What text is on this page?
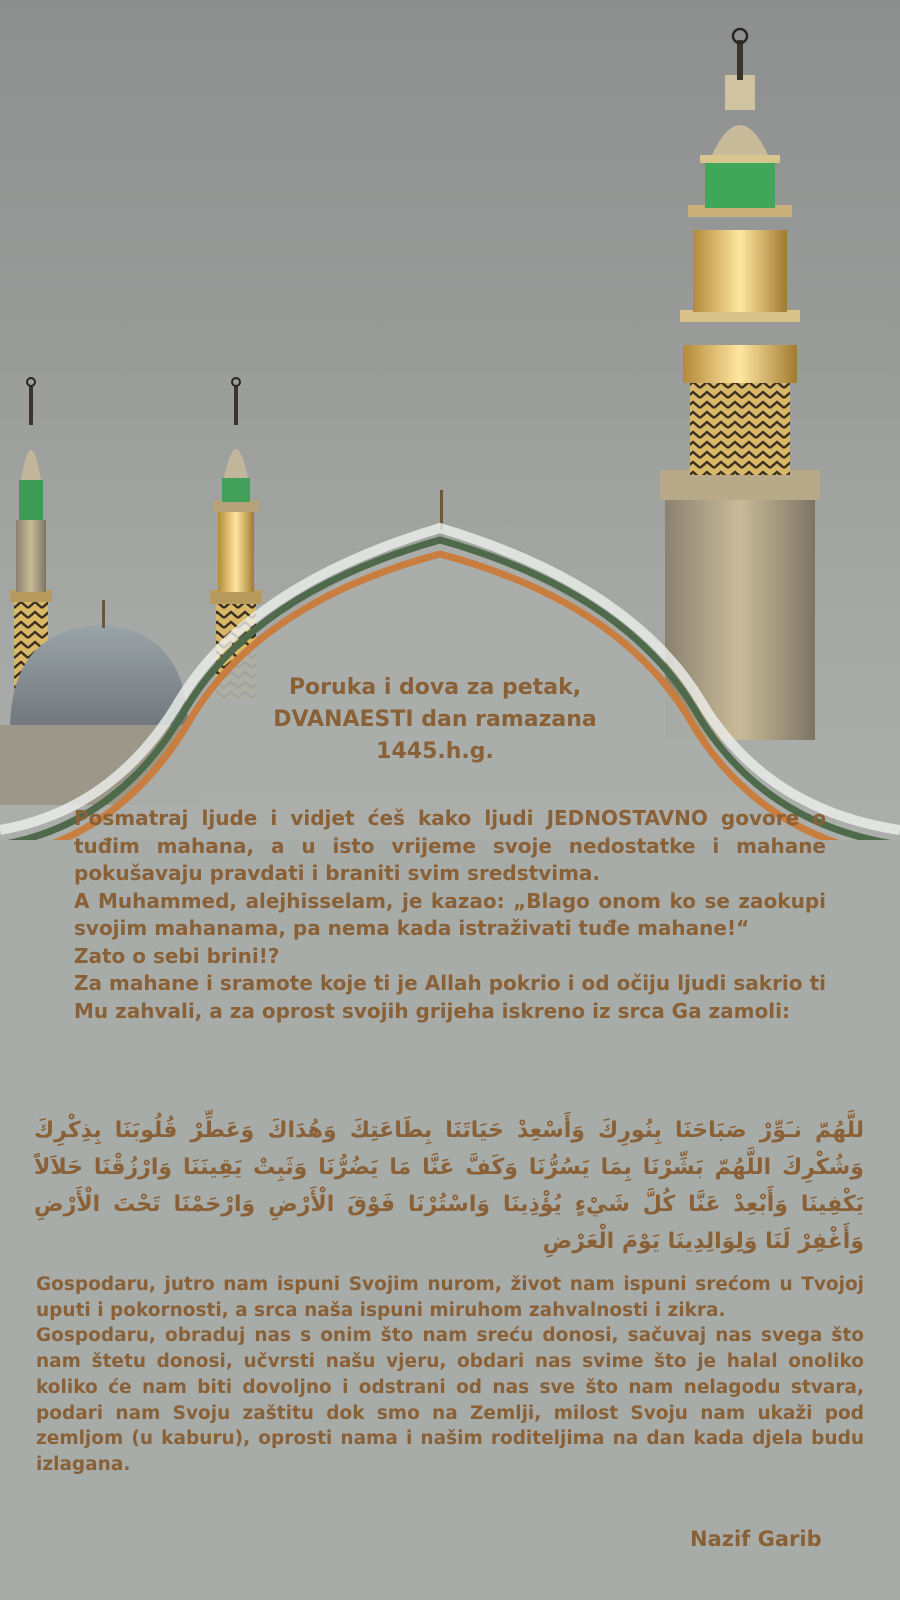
Poruka i dova za petak,
DVANAESTI dan ramazana
1445.h.g.

Posmatraj ljude i vidjet ćeš kako ljudi JEDNOSTAVNO govore o tuđim mahana, a u isto vrijeme svoje nedostatke i mahane pokušavaju pravdati i braniti svim sredstvima.

A Muhammed, alejhisselam, je kazao: „Blago onom ko se zaokupi svojim mahanama, pa nema kada istraživati tuđe mahane!“

Zato o sebi brini!?

Za mahane i sramote koje ti je Allah pokrio i od očiju ljudi sakrio ti Mu zahvali, a za oprost svojih grijeha iskreno iz srca Ga zamoli:

للَّهُمّ نـَوِّرْ صَبَاحَنَا بِنُورِكَ وَأَسْعِدْ حَيَاتَنَا بِطَاعَتِكَ وَهُدَاكَ وَعَطِّرْ قُلُوبَنَا بِذِكْرِكَ وَشُكْرِكَ اللَّهُمّ بَشِّرْنَا بِمَا يَسُرُّنَا وَكَفَّ عَنَّا مَا يَضُرُّنَا وَثَبِتْ يَقِينَنَا وَارْزُقْنَا حَلاَلاً يَكْفِينَا وَأَبْعِدْ عَنَّا كُلَّ شَيْءٍ يُؤْذِينَا وَاسْتُرْنَا فَوْقَ الْأَرْضِ وَارْحَمْنَا تَحْتَ الْأَرْضِ وَأَغْفِرْ لَنَا وَلِوَالِدِينَا يَوْمَ الْعَرْضِ

Gospodaru, jutro nam ispuni Svojim nurom, život nam ispuni srećom u Tvojoj uputi i pokornosti, a srca naša ispuni miruhom zahvalnosti i zikra.

Gospodaru, obraduj nas s onim što nam sreću donosi, sačuvaj nas svega što nam štetu donosi, učvrsti našu vjeru, obdari nas svime što je halal onoliko koliko će nam biti dovoljno i odstrani od nas sve što nam nelagodu stvara, podari nam Svoju zaštitu dok smo na Zemlji, milost Svoju nam ukaži pod zemljom (u kaburu), oprosti nama i našim roditeljima na dan kada djela budu izlagana.

Nazif Garib
